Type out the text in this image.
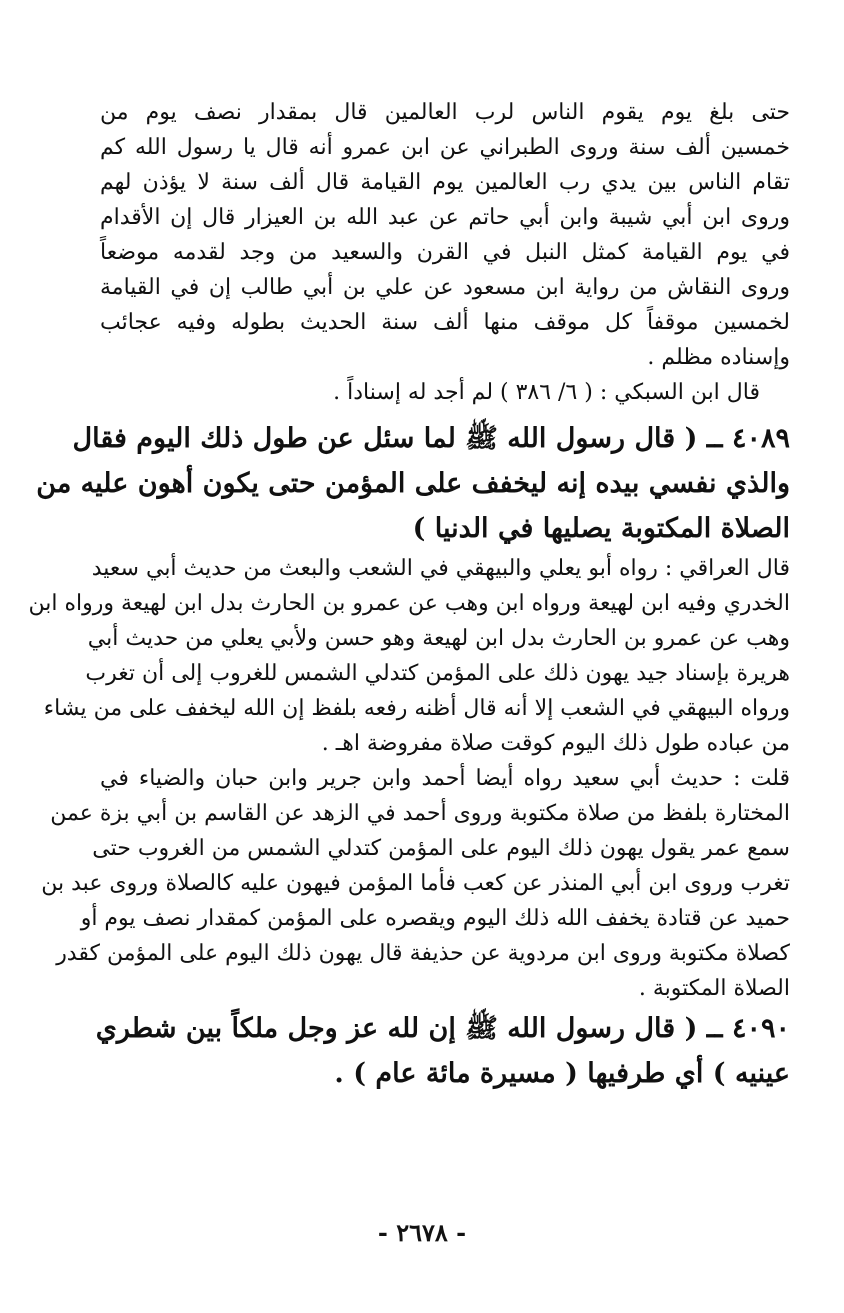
حتى بلغ يوم يقوم الناس لرب العالمين قال بمقدار نصف يوم من
خمسين ألف سنة وروى الطبراني عن ابن عمرو أنه قال يا رسول الله كم
تقام الناس بين يدي رب العالمين يوم القيامة قال ألف سنة لا يؤذن لهم
وروى ابن أبي شيبة وابن أبي حاتم عن عبد الله بن العيزار قال إن الأقدام
في يوم القيامة كمثل النبل في القرن والسعيد من وجد لقدمه موضعاً
وروى النقاش من رواية ابن مسعود عن علي بن أبي طالب إن في القيامة
لخمسين موقفاً كل موقف منها ألف سنة الحديث بطوله وفيه عجائب
وإسناده مظلم .
قال ابن السبكي : ( ٦/ ٣٨٦ ) لم أجد له إسناداً .
٤٠٨٩ ــ ( قال رسول الله ﷺ لما سئل عن طول ذلك اليوم فقال
والذي نفسي بيده إنه ليخفف على المؤمن حتى يكون أهون عليه من
الصلاة المكتوبة يصليها في الدنيا )
قال العراقي : رواه أبو يعلي والبيهقي في الشعب والبعث من حديث أبي سعيد
الخدري وفيه ابن لهيعة ورواه ابن وهب عن عمرو بن الحارث بدل ابن لهيعة ورواه ابن
وهب عن عمرو بن الحارث بدل ابن لهيعة وهو حسن ولأبي يعلي من حديث أبي
هريرة بإسناد جيد يهون ذلك على المؤمن كتدلي الشمس للغروب إلى أن تغرب
ورواه البيهقي في الشعب إلا أنه قال أظنه رفعه بلفظ إن الله ليخفف على من يشاء
من عباده طول ذلك اليوم كوقت صلاة مفروضة اهـ .
قلت : حديث أبي سعيد رواه أيضا أحمد وابن جرير وابن حبان والضياء في
المختارة بلفظ من صلاة مكتوبة وروى أحمد في الزهد عن القاسم بن أبي بزة عمن
سمع عمر يقول يهون ذلك اليوم على المؤمن كتدلي الشمس من الغروب حتى
تغرب وروى ابن أبي المنذر عن كعب فأما المؤمن فيهون عليه كالصلاة وروى عبد بن
حميد عن قتادة يخفف الله ذلك اليوم ويقصره على المؤمن كمقدار نصف يوم أو
كصلاة مكتوبة وروى ابن مردوية عن حذيفة قال يهون ذلك اليوم على المؤمن كقدر
الصلاة المكتوبة .
٤٠٩٠ ــ ( قال رسول الله ﷺ إن لله عز وجل ملكاً بين شطري
عينيه ) أي طرفيها ( مسيرة مائة عام ) .
- ٢٦٧٨ -
